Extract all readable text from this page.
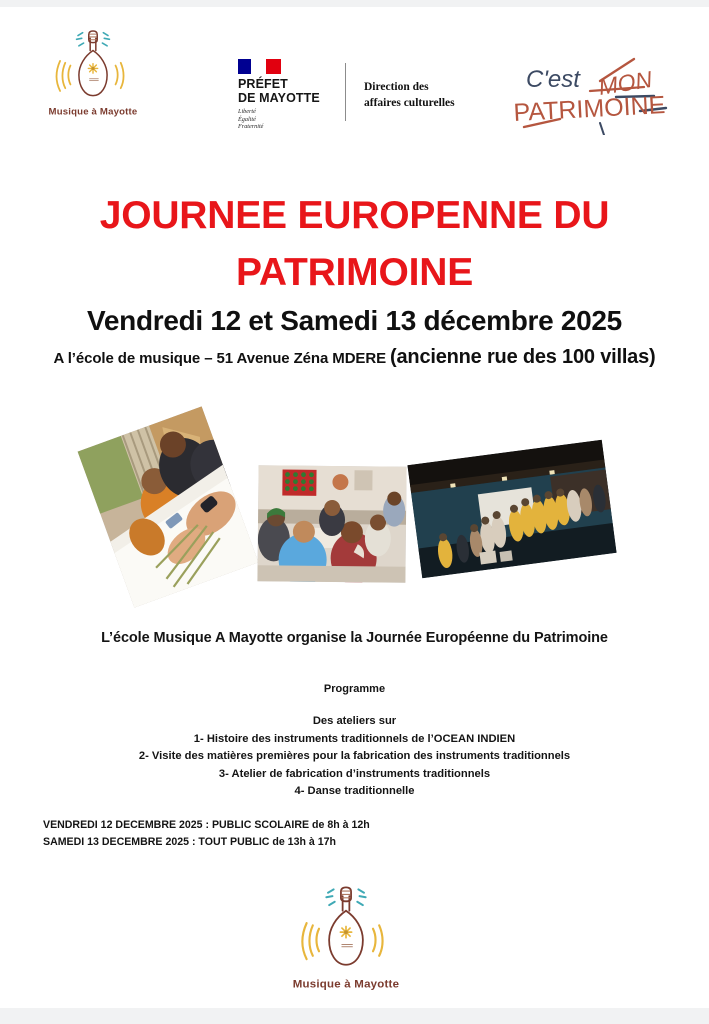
Musique à Mayotte
PRÉFET
DE MAYOTTE
Liberté
Égalité
Fraternité
Direction des
affaires culturelles
C'est MON
PATRIMOINE
JOURNEE EUROPENNE DU
PATRIMOINE
Vendredi 12 et Samedi 13 décembre 2025
A l’école de musique – 51 Avenue Zéna MDERE (ancienne rue des 100 villas)
L’école Musique A Mayotte organise la Journée Européenne du Patrimoine
Programme
Des ateliers sur
1- Histoire des instruments traditionnels de l’OCEAN INDIEN
2- Visite des matières premières pour la fabrication des instruments traditionnels
3- Atelier de fabrication d’instruments traditionnels
4- Danse traditionnelle
VENDREDI 12 DECEMBRE 2025 : PUBLIC SCOLAIRE de 8h à 12h
SAMEDI 13 DECEMBRE 2025 : TOUT PUBLIC de 13h à 17h
Musique à Mayotte
